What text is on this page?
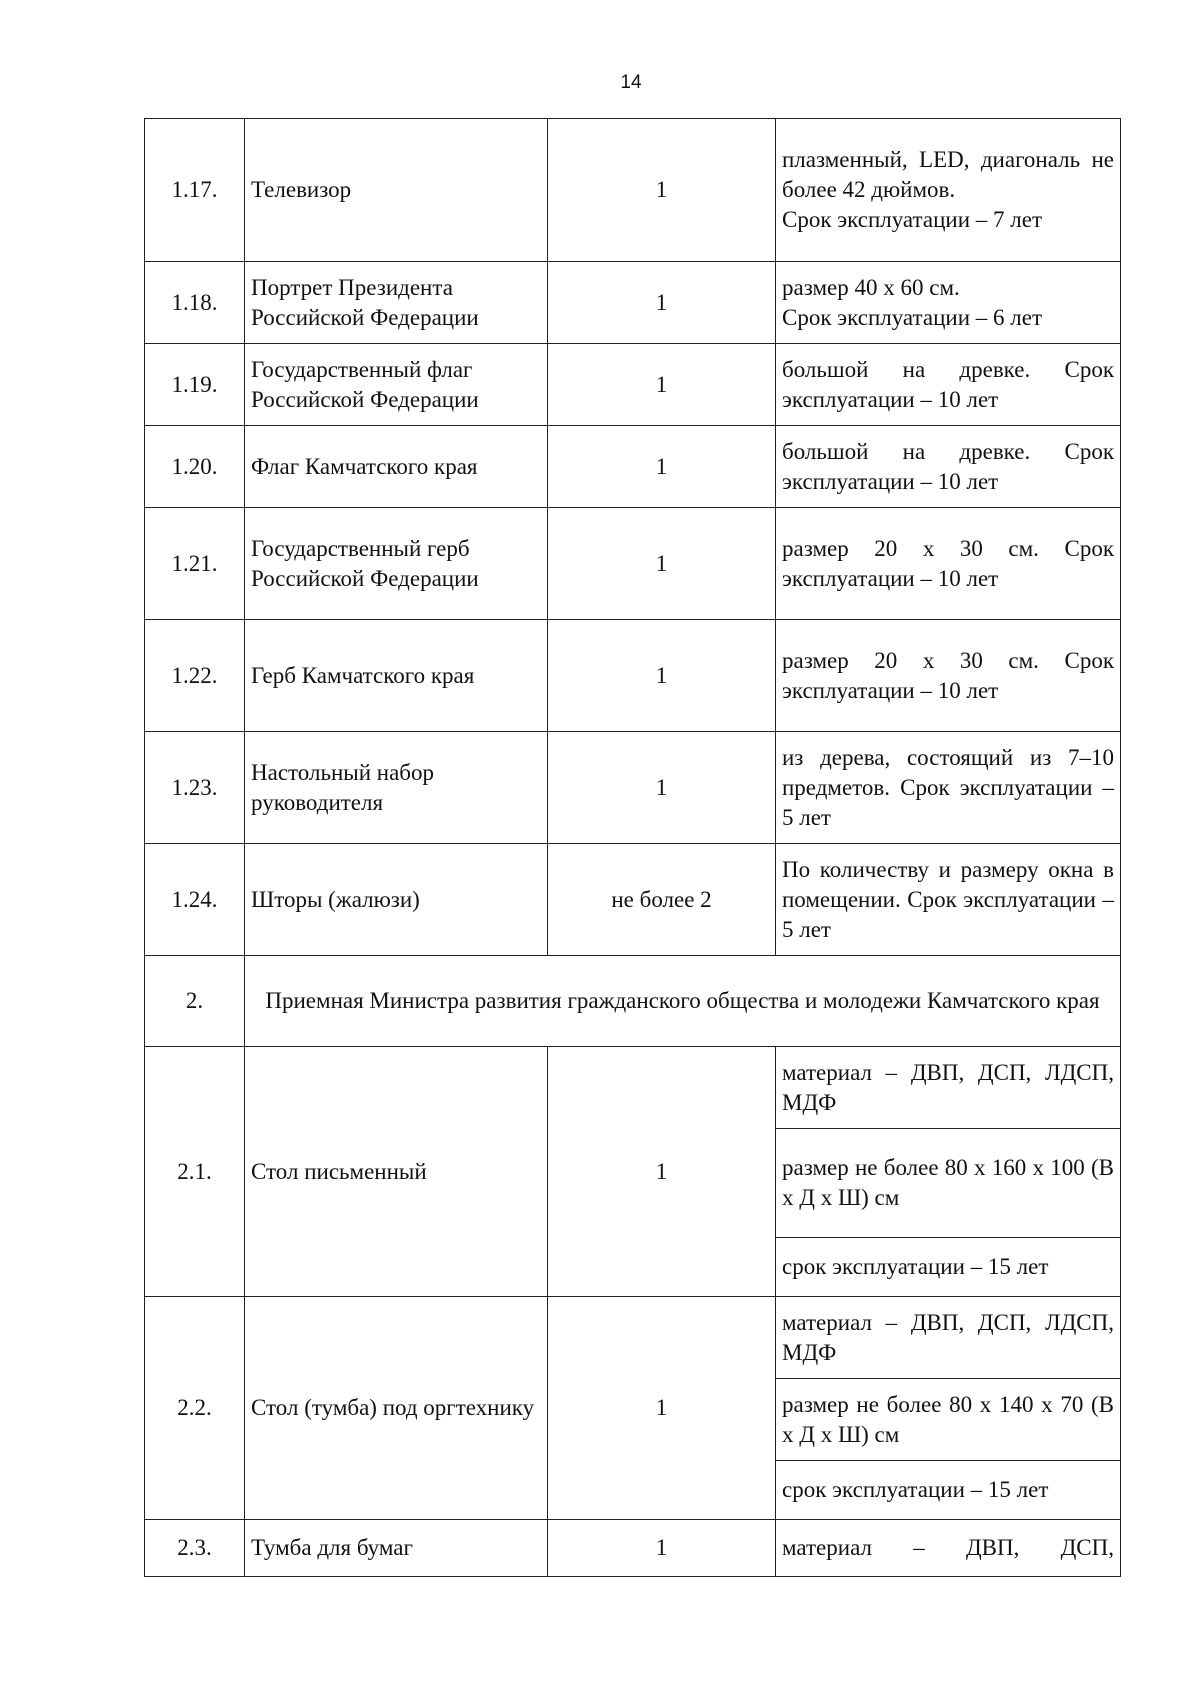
14
1.17.	Телевизор	1	плазменный, LED, диагональ не более 42 дюймов.
Срок эксплуатации – 7 лет

1.18.	Портрет Президента Российской Федерации	1	размер 40 х 60 см.
Срок эксплуатации – 6 лет

1.19.	Государственный флаг Российской Федерации	1	большой на древке. Срок эксплуатации – 10 лет
1.20.	Флаг Камчатского края	1	большой на древке. Срок эксплуатации – 10 лет
1.21.	Государственный герб Российской Федерации	1	размер 20 х 30 см. Срок эксплуатации – 10 лет
1.22.	Герб Камчатского края	1	размер 20 х 30 см. Срок эксплуатации – 10 лет
1.23.	Настольный набор руководителя	1	из дерева, состоящий из 7–10 предметов. Срок эксплуатации – 5 лет
1.24.	Шторы (жалюзи)	не более 2	По количеству и размеру окна в помещении. Срок эксплуатации – 5 лет
2.	Приемная Министра развития гражданского общества и молодежи Камчатского края		
2.1.	Стол письменный	1	материал – ДВП, ДСП, ЛДСП, МДФ
			размер не более 80 х 160 х 100 (В х Д х Ш) см
			срок эксплуатации – 15 лет
2.2.	Стол (тумба) под оргтехнику	1	материал – ДВП, ДСП, ЛДСП, МДФ
			размер не более 80 х 140 х 70 (В х Д х Ш) см
			срок эксплуатации – 15 лет
2.3.	Тумба для бумаг	1	материал – ДВП, ДСП,
